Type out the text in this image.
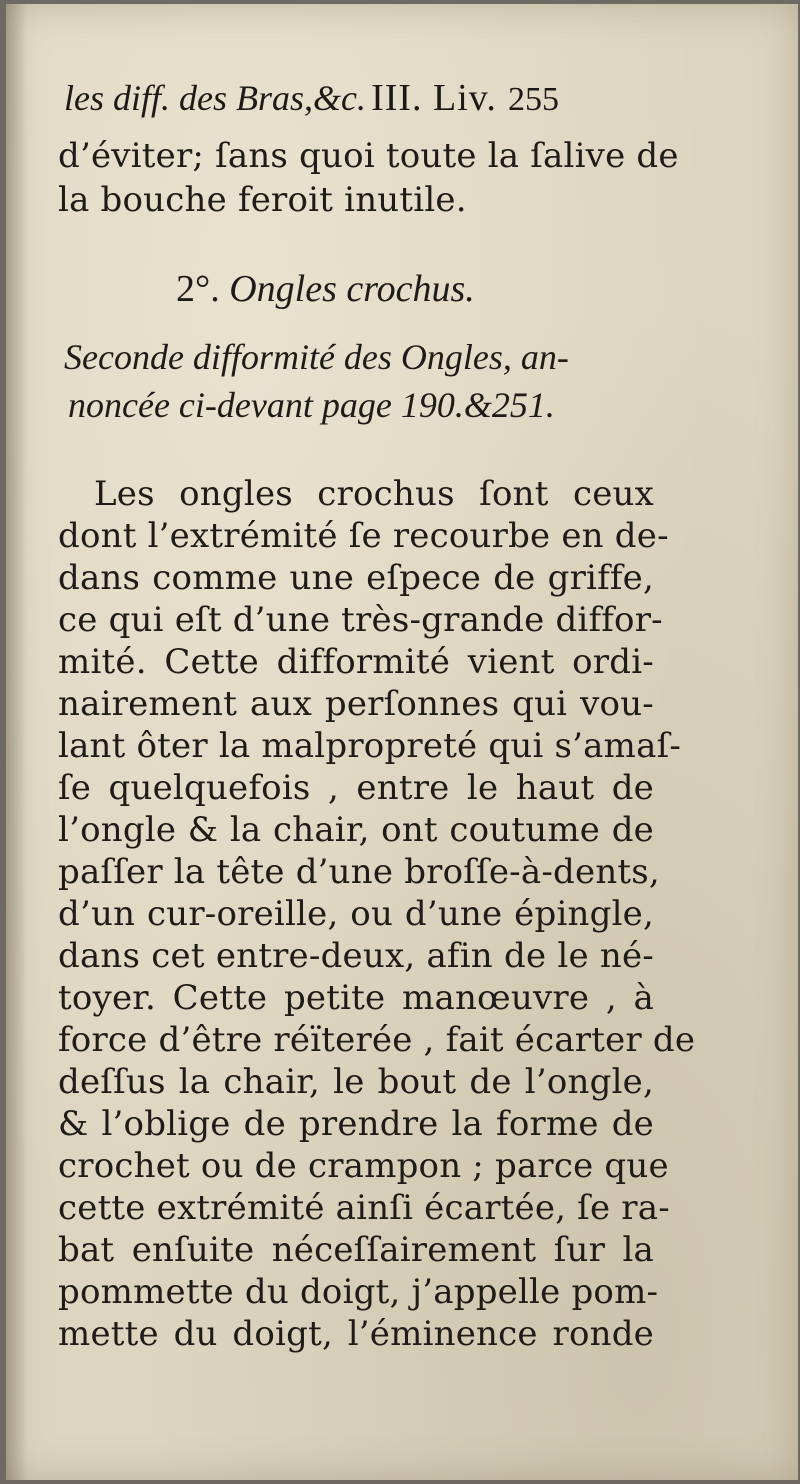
les diff. des Bras,&c. III. Liv. 255
d’éviter; ſans quoi toute la ſalive de
la bouche feroit inutile.
2°. Ongles crochus.
Seconde difformité des Ongles, an-
noncée ci-devant page 190.&251.
Les ongles crochus ſont ceux
dont l’extrémité ſe recourbe en de-
dans comme une eſpece de griffe,
ce qui eſt d’une très-grande diffor-
mité. Cette difformité vient ordi-
nairement aux perſonnes qui vou-
lant ôter la malpropreté qui s’amaſ-
ſe quelquefois , entre le haut de
l’ongle & la chair, ont coutume de
paſſer la tête d’une broſſe-à-dents,
d’un cur-oreille, ou d’une épingle,
dans cet entre-deux, afin de le né-
toyer. Cette petite manœuvre , à
force d’être réïterée , fait écarter de
deſſus la chair, le bout de l’ongle,
& l’oblige de prendre la forme de
crochet ou de crampon ; parce que
cette extrémité ainſi écartée, ſe ra-
bat enſuite néceſſairement ſur la
pommette du doigt, j’appelle pom-
mette du doigt, l’éminence ronde
